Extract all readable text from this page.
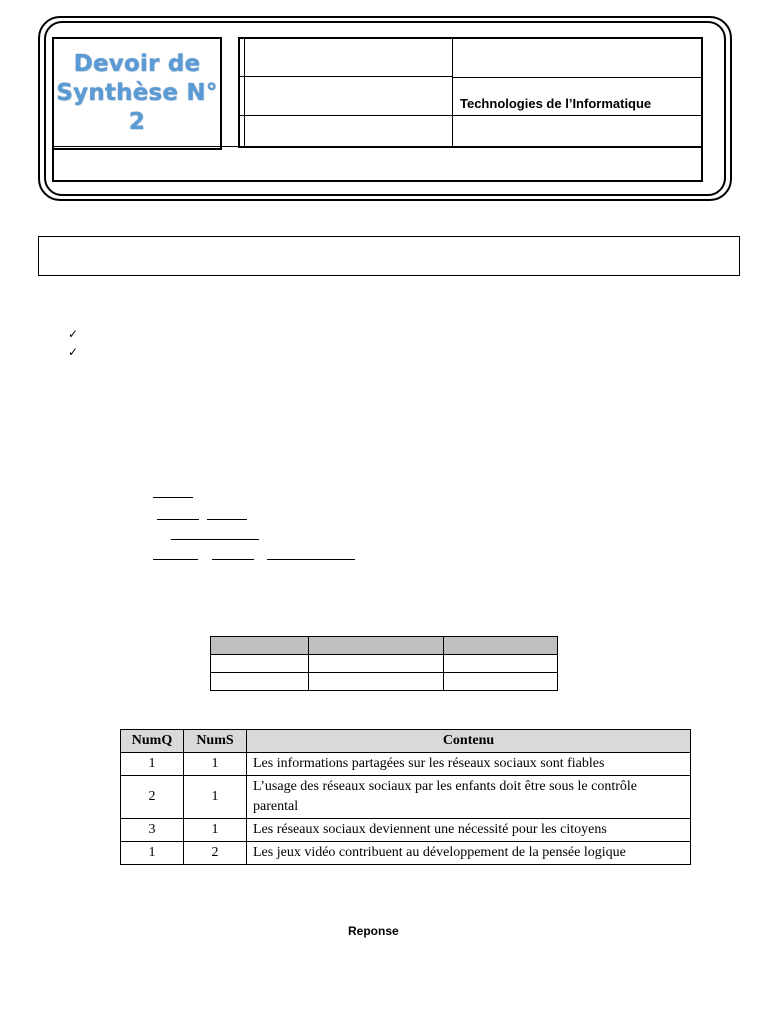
Devoir de
Synthèse N°
2
Technologies de l’Informatique
✓
✓

NumQ	NumS	Contenu
1	1	Les informations partagées sur les réseaux sociaux sont fiables
2	1	L’usage des réseaux sociaux par les enfants doit être sous le contrôle parental
3	1	Les réseaux sociaux deviennent une nécessité pour les citoyens
1	2	Les jeux vidéo contribuent au développement de la pensée logique
Reponse
